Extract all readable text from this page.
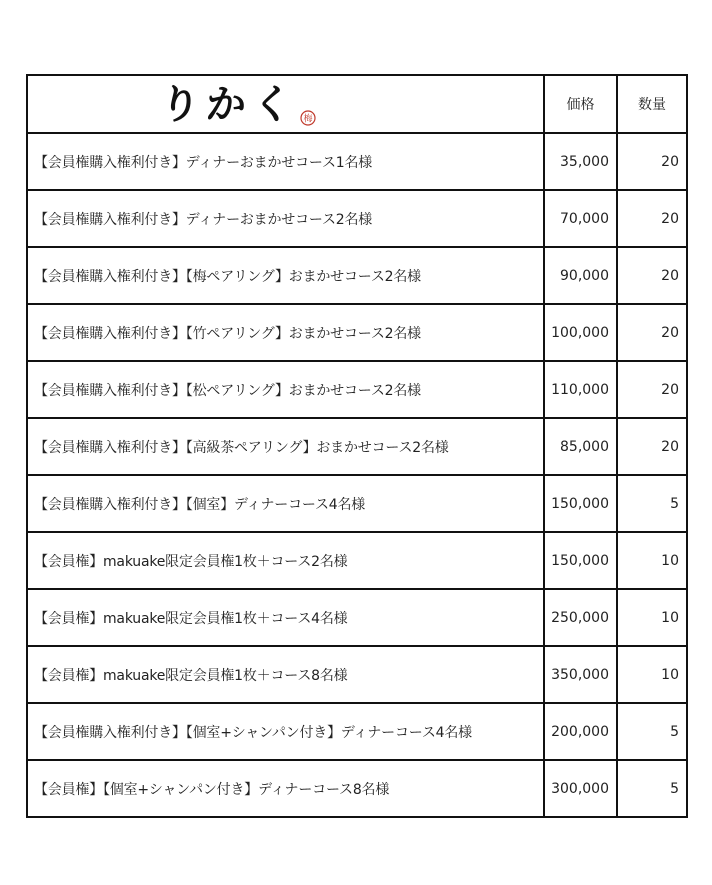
りかく 梅	価格	数量
【会員権購入権利付き】ディナーおまかせコース1名様	35,000	20
【会員権購入権利付き】ディナーおまかせコース2名様	70,000	20
【会員権購入権利付き】【梅ペアリング】おまかせコース2名様	90,000	20
【会員権購入権利付き】【竹ペアリング】おまかせコース2名様	100,000	20
【会員権購入権利付き】【松ペアリング】おまかせコース2名様	110,000	20
【会員権購入権利付き】【高級茶ペアリング】おまかせコース2名様	85,000	20
【会員権購入権利付き】【個室】ディナーコース4名様	150,000	5
【会員権】makuake限定会員権1枚＋コース2名様	150,000	10
【会員権】makuake限定会員権1枚＋コース4名様	250,000	10
【会員権】makuake限定会員権1枚＋コース8名様	350,000	10
【会員権購入権利付き】【個室+シャンパン付き】ディナーコース4名様	200,000	5
【会員権】【個室+シャンパン付き】ディナーコース8名様	300,000	5
